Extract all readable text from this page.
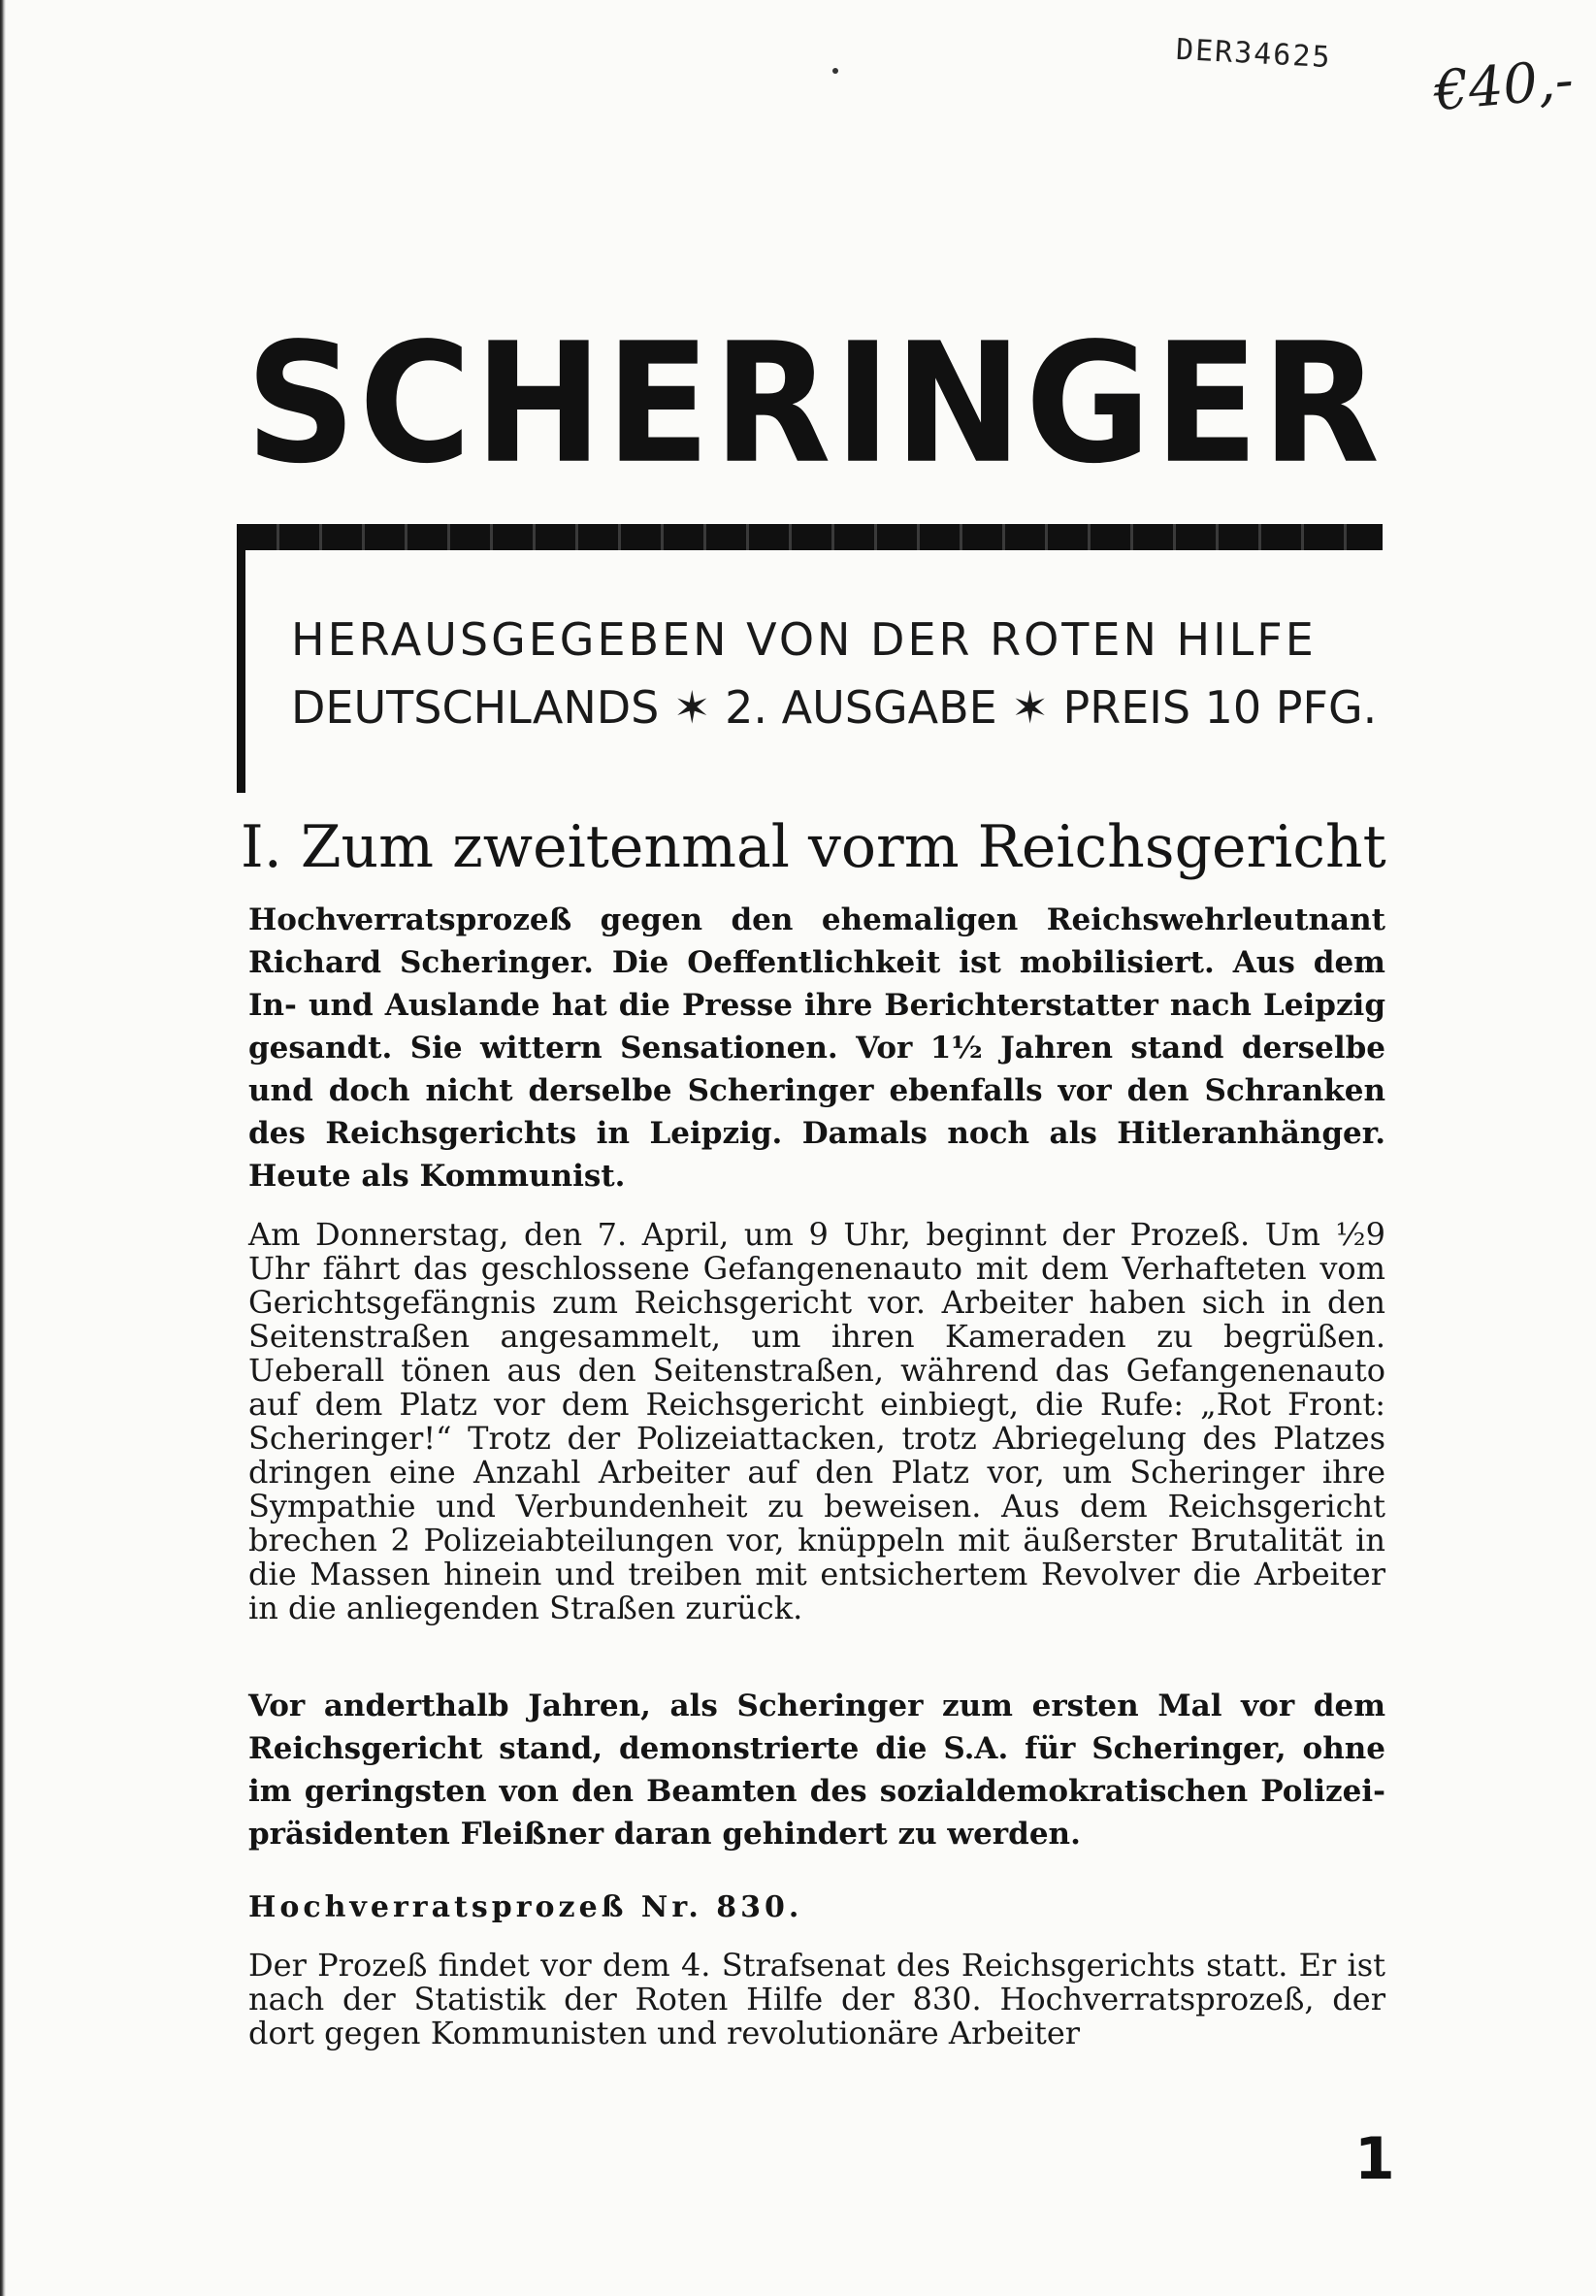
DER34625 €40,-
SCHERINGER
HERAUSGEGEBEN VON DER ROTEN HILFE
DEUTSCHLANDS ✶ 2. AUSGABE ✶ PREIS 10 PFG.
I. Zum zweitenmal vorm Reichsgericht

Hochverratsprozeß gegen den ehemaligen Reichswehrleutnant Richard Scheringer. Die Oeffentlichkeit ist mobilisiert. Aus dem In- und Auslande hat die Presse ihre Berichterstatter nach Leipzig gesandt. Sie wittern Sensationen. Vor 1½ Jahren stand derselbe und doch nicht derselbe Scheringer ebenfalls vor den Schranken des Reichsgerichts in Leipzig. Damals noch als Hitleranhänger. Heute als Kommunist.

Am Donnerstag, den 7. April, um 9 Uhr, beginnt der Prozeß. Um ½9 Uhr fährt das geschlossene Gefangenenauto mit dem Verhafteten vom Gerichtsgefängnis zum Reichsgericht vor. Arbeiter haben sich in den Seitenstraßen angesammelt, um ihren Kameraden zu begrüßen. Ueberall tönen aus den Seitenstraßen, während das Gefangenenauto auf dem Platz vor dem Reichsgericht einbiegt, die Rufe: „Rot Front: Scheringer!“ Trotz der Polizeiattacken, trotz Abriegelung des Platzes dringen eine Anzahl Arbeiter auf den Platz vor, um Scheringer ihre Sympathie und Verbundenheit zu beweisen. Aus dem Reichsgericht brechen 2 Polizeiabteilungen vor, knüppeln mit äußerster Brutalität in die Massen hinein und treiben mit entsichertem Revolver die Arbeiter in die anliegenden Straßen zurück.

Vor anderthalb Jahren, als Scheringer zum ersten Mal vor dem Reichsgericht stand, demonstrierte die S.A. für Scheringer, ohne im geringsten von den Beamten des sozialdemokratischen Polizeipräsidenten Fleißner daran gehindert zu werden.

Hochverratsprozeß Nr. 830.

Der Prozeß findet vor dem 4. Strafsenat des Reichsgerichts statt. Er ist nach der Statistik der Roten Hilfe der 830. Hochverratsprozeß, der dort gegen Kommunisten und revolutionäre Arbeiter

1
